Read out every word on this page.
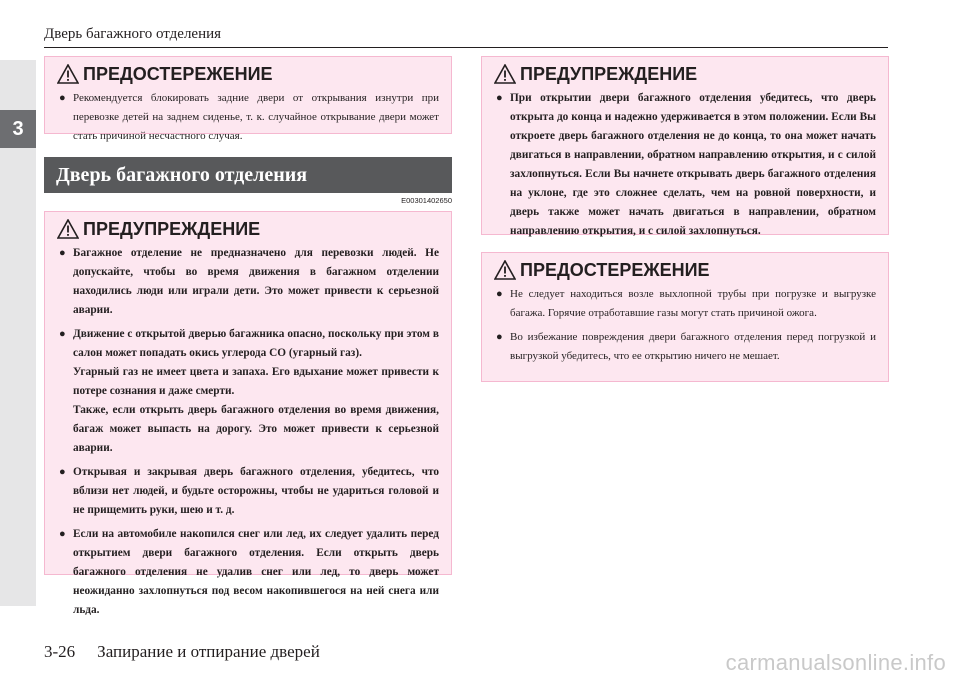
3
Дверь багажного отделения
ПРЕДОСТЕРЕЖЕНИЕ

● Рекомендуется блокировать задние двери от открывания изнутри при перевозке детей на заднем сиденье, т. к. случайное открывание двери может стать причиной несчастного случая.

Дверь багажного отделения
E00301402650
ПРЕДУПРЕЖДЕНИЕ

● Багажное отделение не предназначено для перевозки людей. Не допускайте, чтобы во время движения в багажном отделении находились люди или играли дети. Это может привести к серьезной аварии.

● Движение с открытой дверью багажника опасно, поскольку при этом в салон может попадать окись углерода CO (угарный газ).

Угарный газ не имеет цвета и запаха. Его вдыхание может привести к потере сознания и даже смерти.

Также, если открыть дверь багажного отделения во время движения, багаж может выпасть на дорогу. Это может привести к серьезной аварии.

● Открывая и закрывая дверь багажного отделения, убедитесь, что вблизи нет людей, и будьте осторожны, чтобы не удариться головой и не прищемить руки, шею и т. д.

● Если на автомобиле накопился снег или лед, их следует удалить перед открытием двери багажного отделения. Если открыть дверь багажного отделения не удалив снег или лед, то дверь может неожиданно захлопнуться под весом накопившегося на ней снега или льда.

ПРЕДУПРЕЖДЕНИЕ

● При открытии двери багажного отделения убедитесь, что дверь открыта до конца и надежно удерживается в этом положении. Если Вы откроете дверь багажного отделения не до конца, то она может начать двигаться в направлении, обратном направлению открытия, и с силой захлопнуться. Если Вы начнете открывать дверь багажного отделения на уклоне, где это сложнее сделать, чем на ровной поверхности, и дверь также может начать двигаться в направлении, обратном направлению открытия, и с силой захлопнуться.

ПРЕДОСТЕРЕЖЕНИЕ

● Не следует находиться возле выхлопной трубы при погрузке и выгрузке багажа. Горячие отработавшие газы могут стать причиной ожога.

● Во избежание повреждения двери багажного отделения перед погрузкой и выгрузкой убедитесь, что ее открытию ничего не мешает.

3-26 Запирание и отпирание дверей	carmanualsonline.info
